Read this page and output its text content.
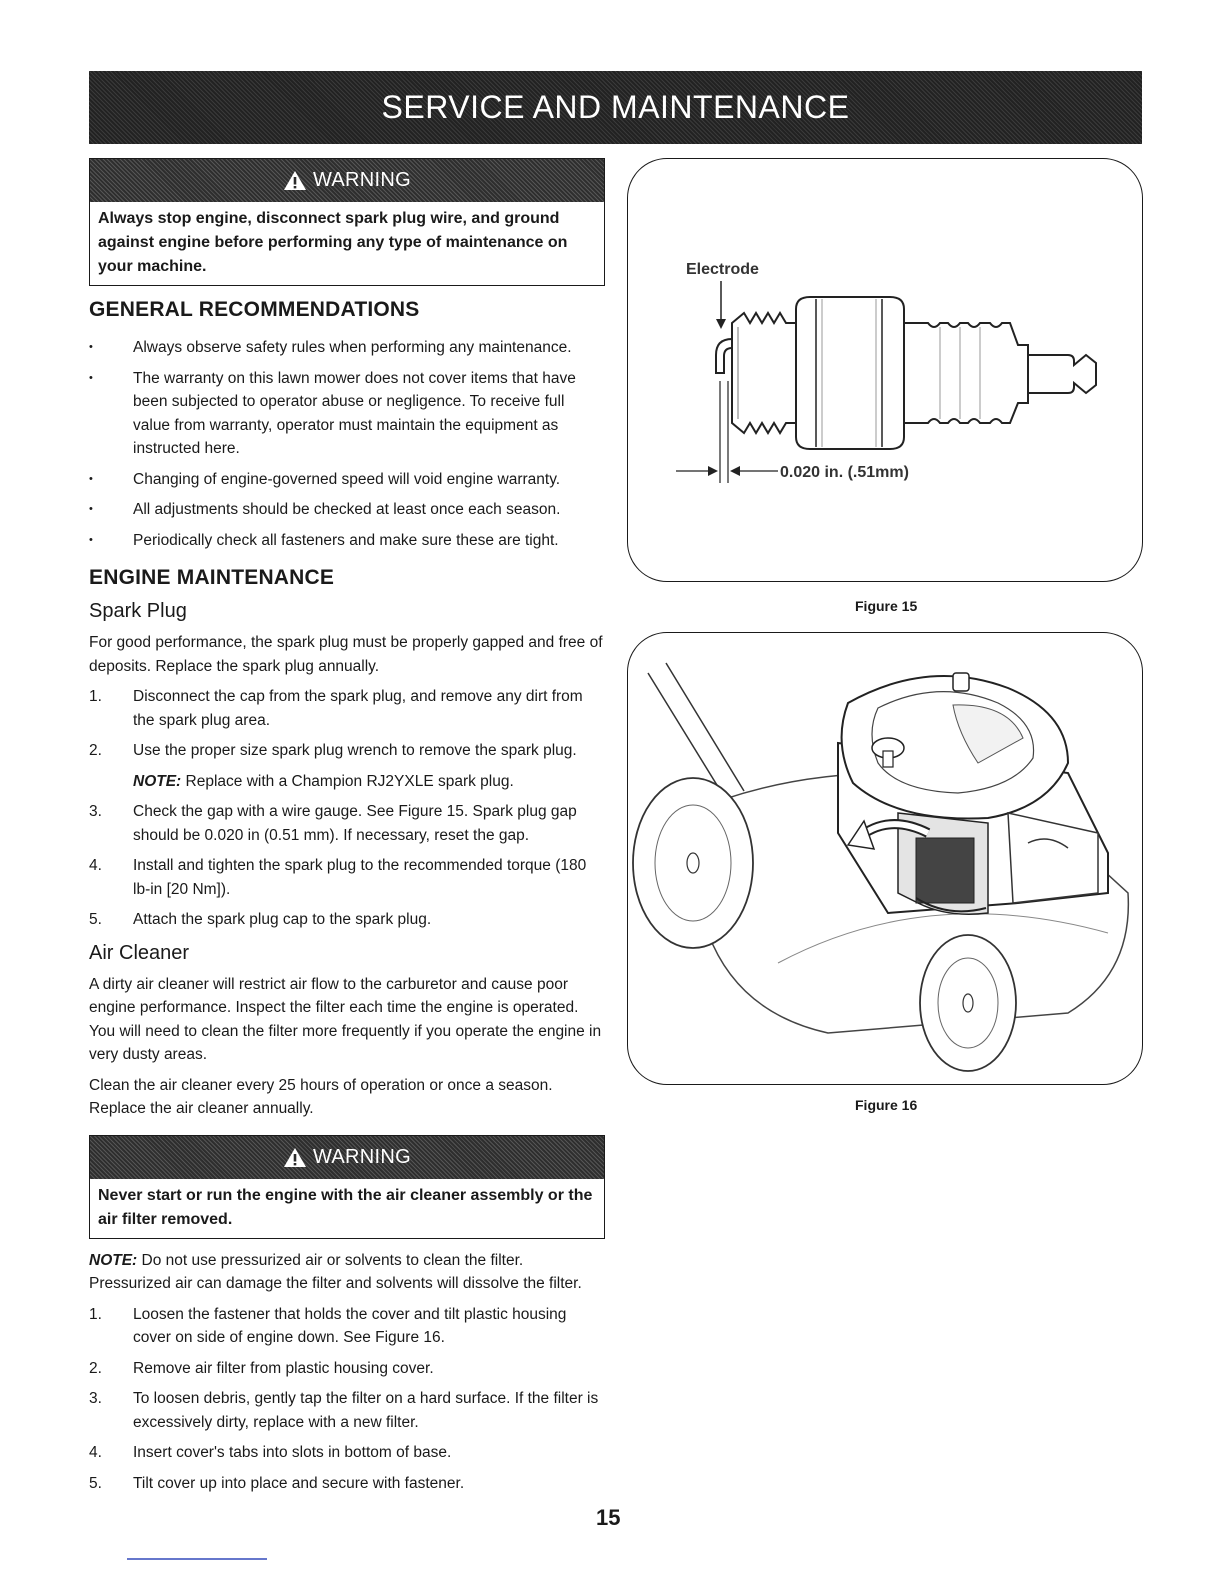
SERVICE AND MAINTENANCE
WARNING
Always stop engine, disconnect spark plug wire, and ground against engine before performing any type of maintenance on your machine.
GENERAL RECOMMENDATIONS
• Always observe safety rules when performing any maintenance.
• The warranty on this lawn mower does not cover items that have been subjected to operator abuse or negligence. To receive full value from warranty, operator must maintain the equipment as instructed here.
• Changing of engine-governed speed will void engine warranty.
• All adjustments should be checked at least once each season.
• Periodically check all fasteners and make sure these are tight.
ENGINE MAINTENANCE
Spark Plug

For good performance, the spark plug must be properly gapped and free of deposits. Replace the spark plug annually.

1. Disconnect the cap from the spark plug, and remove any dirt from the spark plug area.
2. Use the proper size spark plug wrench to remove the spark plug.
NOTE: Replace with a Champion RJ2YXLE spark plug.
3. Check the gap with a wire gauge. See Figure 15. Spark plug gap should be 0.020 in (0.51 mm). If necessary, reset the gap.
4. Install and tighten the spark plug to the recommended torque (180 lb-in [20 Nm]).
5. Attach the spark plug cap to the spark plug.
Air Cleaner

A dirty air cleaner will restrict air flow to the carburetor and cause poor engine performance. Inspect the filter each time the engine is operated. You will need to clean the filter more frequently if you operate the engine in very dusty areas.

Clean the air cleaner every 25 hours of operation or once a season. Replace the air cleaner annually.

WARNING
Never start or run the engine with the air cleaner assembly or the air filter removed.

NOTE: Do not use pressurized air or solvents to clean the filter. Pressurized air can damage the filter and solvents will dissolve the filter.

1. Loosen the fastener that holds the cover and tilt plastic housing cover on side of engine down. See Figure 16.
2. Remove air filter from plastic housing cover.
3. To loosen debris, gently tap the filter on a hard surface. If the filter is excessively dirty, replace with a new filter.
4. Insert cover's tabs into slots in bottom of base.
5. Tilt cover up into place and secure with fastener.
Electrode
0.020 in. (.51mm)
Figure 15
Figure 16
15
